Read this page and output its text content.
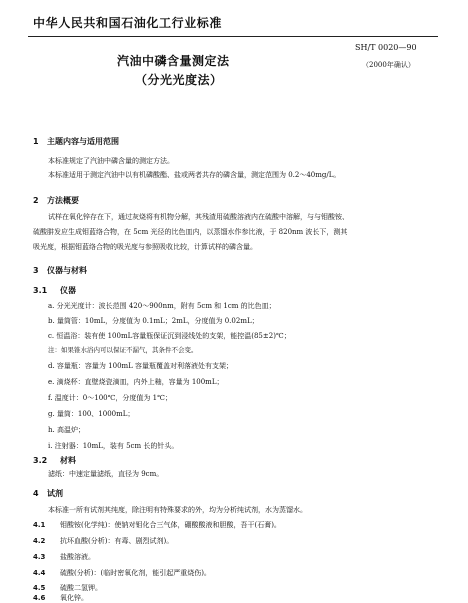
中华人民共和国石油化工行业标准
汽油中磷含量测定法
（分光光度法）
SH/T 0020—90
（2000年确认）
1 主题内容与适用范围
本标准规定了汽油中磷含量的测定方法。
本标准适用于测定汽油中以有机磷酸酯、盐或两者共存的磷含量，测定范围为 0.2～40mg/L。
2 方法概要
试样在氧化锌存在下，通过灰烧将有机物分解，其残渣用硫酸溶液内在硫酸中溶解，与与钼酸铵、
硫酸肼发应生成钼蓝络合物，在 5cm 光径的比色皿内，以蒸馏水作参比液，于 820nm 波长下，测其
吸光度，根据钼蓝络合物的吸光度与参照吸收比较，计算试样的磷含量。
3 仪器与材料
3.1 仪器
a. 分光光度计：波长范围 420～900nm，附有 5cm 和 1cm 的比色皿；
b. 量筒管：10mL，分度值为 0.1mL；2mL，分度值为 0.02mL；
c. 恒温浴：装有使 100mL容量瓶保证沉到浸线处的支架，能控温(85±2)℃；
注：如果锥水浴内可以保证不漏气，其条件不会变。
d. 容量瓶：容量为 100mL 容量瓶覆盖对利落液处有支架；
e. 滴烧杯：直壁烧瓷滴皿，内外上釉，容量为 100mL；
f. 温度计：0～100℃，分度值为 1℃；
g. 量筒：100、1000mL；
h. 高温炉；
i. 注射器：10mL，装有 5cm 长的针头。
3.2 材料
滤纸：中速定量滤纸，直径为 9cm。
4 试剂
本标准一所有试剂其纯度，除注明有特殊要求的外，均为分析纯试剂，水为蒸馏水。
4.1 钼酸铵(化学纯)：使钠对钼化合三气体，硼酸酸液和胆酸，吾干(石膏)。
4.2 抗坏血酸(分析)：有毒、剧烈试剂)。
4.3 盐酸溶液。
4.4 硫酸(分析)：(临时密氧化剂，能引起严重烧伤)。
4.5 硫酸二氢钾。
4.6 氧化锌。
